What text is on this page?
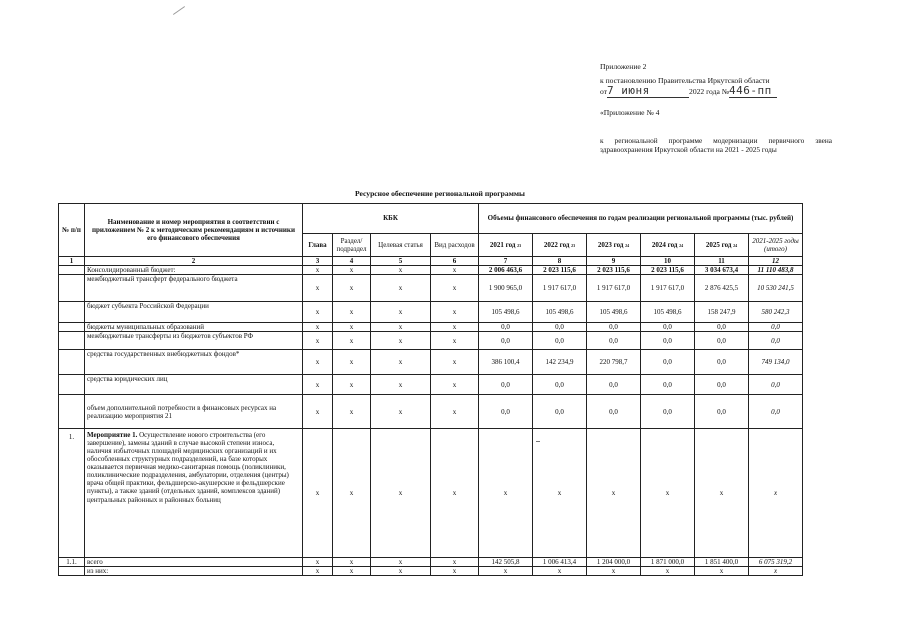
Приложение 2
к постановлению Правительства Иркутской области
от7 июня	2022 года №446-пп
«Приложение № 4
к региональной программе модернизации первичного звена здравоохранения Иркутской области на 2021 - 2025 годы
Ресурсное обеспечение региональной программы
№ п/п	Наименование и номер мероприятия в соответствии с приложением № 2 к методическим рекомендациям и источники его финансового обеспечения	КБК				Объемы финансового обеспечения по годам реализации региональной программы (тыс. рублей)					
		Глава	Раздел/ подраздел	Целевая статья	Вид расходов	2021 год 23	2022 год 23	2023 год 24	2024 год 24	2025 год 24	2021-2025 годы (итого)
1	2	3	4	5	6	7	8	9	10	11	12
	Консолидированный бюджет:	х	х	х	х	2 006 463,6	2 023 115,6	2 023 115,6	2 023 115,6	3 034 673,4	11 110 483,8
	межбюджетный трансферт федерального бюджета	х	х	х	х	1 900 965,0	1 917 617,0	1 917 617,0	1 917 617,0	2 876 425,5	10 530 241,5
	бюджет субъекта Российской Федерации	х	х	х	х	105 498,6	105 498,6	105 498,6	105 498,6	158 247,9	580 242,3
	бюджеты муниципальных образований	х	х	х	х	0,0	0,0	0,0	0,0	0,0	0,0
	межбюджетные трансферты из бюджетов субъектов РФ	х	х	х	х	0,0	0,0	0,0	0,0	0,0	0,0
	средства государственных внебюджетных фондов*	х	х	х	х	386 100,4	142 234,9	220 798,7	0,0	0,0	749 134,0
	средства юридических лиц	х	х	х	х	0,0	0,0	0,0	0,0	0,0	0,0
	объем дополнительной потребности в финансовых ресурсах на реализацию мероприятия 21	х	х	х	х	0,0	0,0	0,0	0,0	0,0	0,0
1.	Мероприятие 1. Осуществление нового строительства (его завершение), замены зданий в случае высокой степени износа, наличия избыточных площадей медицинских организаций и их обособленных структурных подразделений, на базе которых оказывается первичная медико-санитарная помощь (поликлиники, поликлинические подразделения, амбулатории, отделения (центры) врача общей практики, фельдшерско-акушерские и фельдшерские пункты), а также зданий (отдельных зданий, комплексов зданий) центральных районных и районных больниц	х	х	х	х	х	х	х	х	х	х
1.1.	всего	х	х	х	х	142 505,8	1 006 413,4	1 204 000,0	1 871 000,0	1 851 400,0	6 075 319,2
	из них:	х	х	х	х	х	х	х	х	х	х
